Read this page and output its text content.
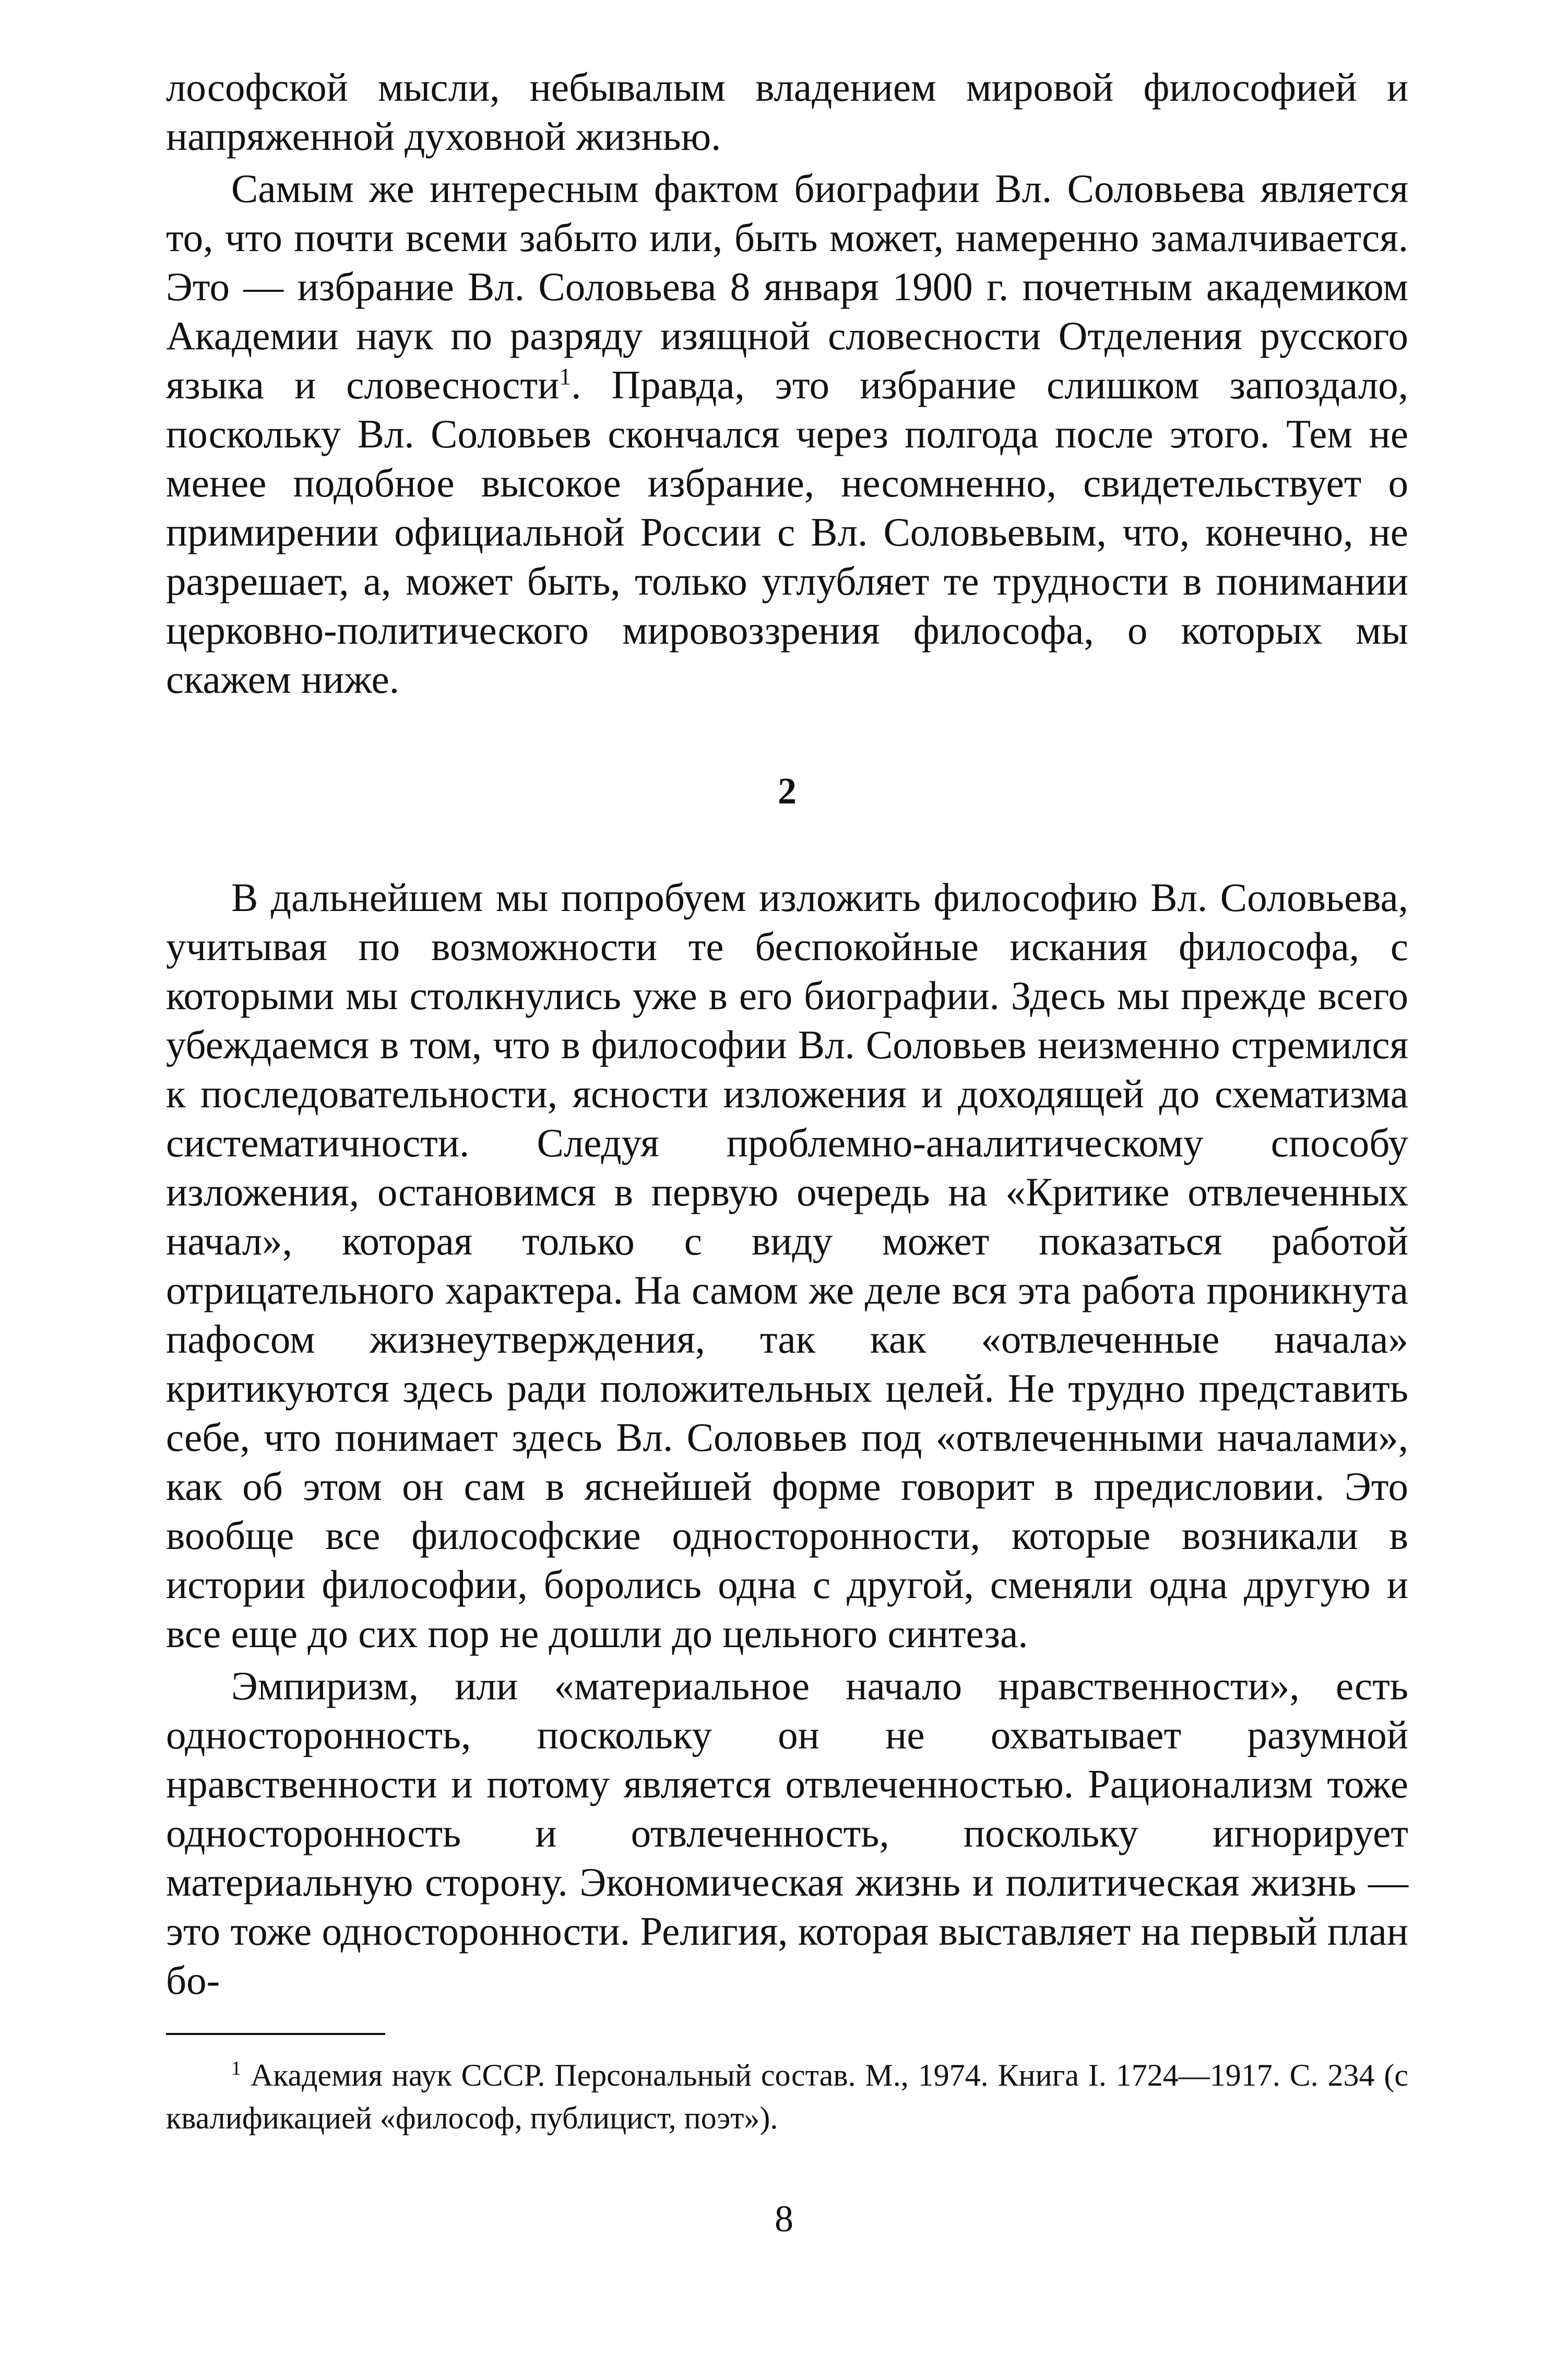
лософской мысли, небывалым владением мировой философией и напряженной духовной жизнью.

Самым же интересным фактом биографии Вл. Соловьева является то, что почти всеми забыто или, быть может, намеренно замалчивается. Это — избрание Вл. Соловьева 8 января 1900 г. почетным академиком Академии наук по разряду изящной словесности Отделения русского языка и словесности$^1$. Правда, это избрание слишком запоздало, поскольку Вл. Соловьев скончался через полгода после этого. Тем не менее подобное высокое избрание, несомненно, свидетельствует о примирении официальной России с Вл. Соловьевым, что, конечно, не разрешает, а, может быть, только углубляет те трудности в понимании церковно-политического мировоззрения философа, о которых мы скажем ниже.

2

В дальнейшем мы попробуем изложить философию Вл. Соловьева, учитывая по возможности те беспокойные искания философа, с которыми мы столкнулись уже в его биографии. Здесь мы прежде всего убеждаемся в том, что в философии Вл. Соловьев неизменно стремился к последовательности, ясности изложения и доходящей до схематизма систематичности. Следуя проблемно-аналитическому способу изложения, остановимся в первую очередь на «Критике отвлеченных начал», которая только с виду может показаться работой отрицательного характера. На самом же деле вся эта работа проникнута пафосом жизнеутверждения, так как «отвлеченные начала» критикуются здесь ради положительных целей. Не трудно представить себе, что понимает здесь Вл. Соловьев под «отвлеченными началами», как об этом он сам в яснейшей форме говорит в предисловии. Это вообще все философские односторонности, которые возникали в истории философии, боролись одна с другой, сменяли одна другую и все еще до сих пор не дошли до цельного синтеза.

Эмпиризм, или «материальное начало нравственности», есть односторонность, поскольку он не охватывает разумной нравственности и потому является отвлеченностью. Рационализм тоже односторонность и отвлеченность, поскольку игнорирует материальную сторону. Экономическая жизнь и политическая жизнь — это тоже односторонности. Религия, которая выставляет на первый план бо-

$^1$ Академия наук СССР. Персональный состав. М., 1974. Книга I. 1724—1917. С. 234 (с квалификацией «философ, публицист, поэт»).

8
